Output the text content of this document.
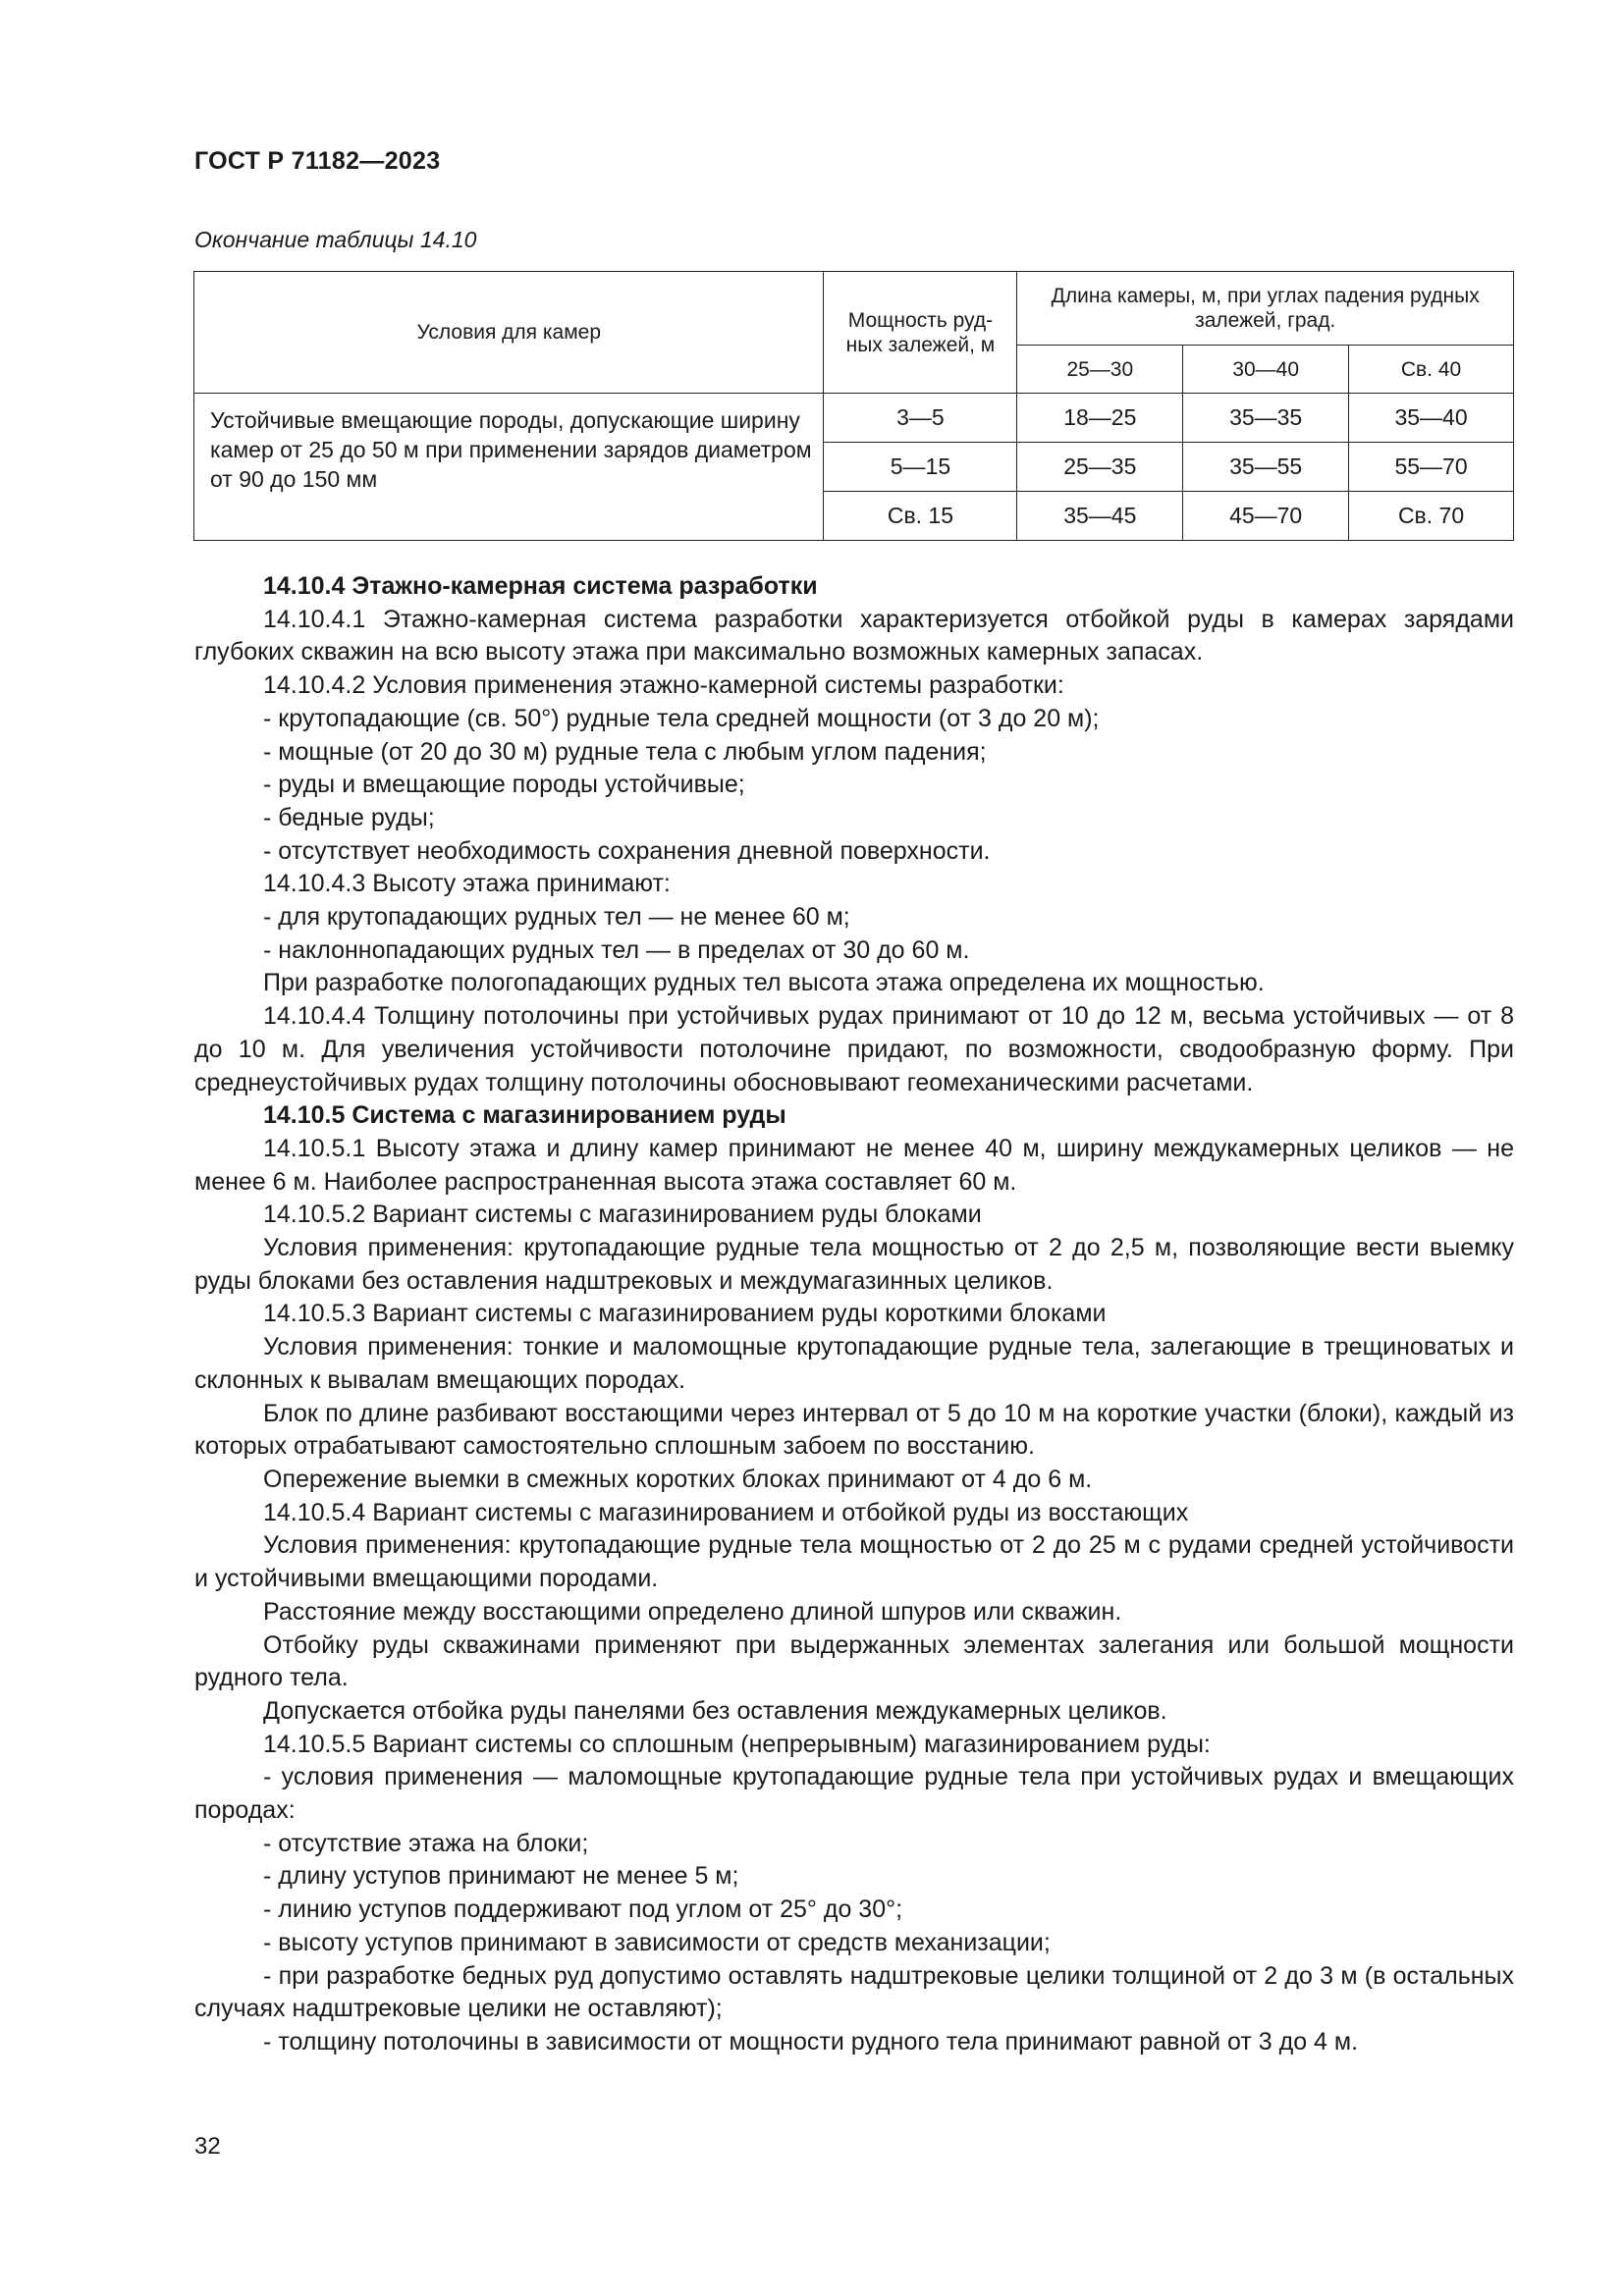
ГОСТ Р 71182—2023
Окончание таблицы 14.10
Условия для камер	Мощность руд-ных залежей, м	Длина камеры, м, при углах падения рудных залежей, град.		
		25—30	30—40	Св. 40
Устойчивые вмещающие породы, допускающие ширину камер от 25 до 50 м при применении зарядов диаметром от 90 до 150 мм	3—5	18—25	35—35	35—40
	5—15	25—35	35—55	55—70
	Св. 15	35—45	45—70	Св. 70

14.10.4 Этажно-камерная система разработки

14.10.4.1 Этажно-камерная система разработки характеризуется отбойкой руды в камерах зарядами глубоких скважин на всю высоту этажа при максимально возможных камерных запасах.

14.10.4.2 Условия применения этажно-камерной системы разработки:

- крутопадающие (св. 50°) рудные тела средней мощности (от 3 до 20 м);

- мощные (от 20 до 30 м) рудные тела с любым углом падения;

- руды и вмещающие породы устойчивые;

- бедные руды;

- отсутствует необходимость сохранения дневной поверхности.

14.10.4.3 Высоту этажа принимают:

- для крутопадающих рудных тел — не менее 60 м;

- наклоннопадающих рудных тел — в пределах от 30 до 60 м.

При разработке пологопадающих рудных тел высота этажа определена их мощностью.

14.10.4.4 Толщину потолочины при устойчивых рудах принимают от 10 до 12 м, весьма устойчивых — от 8 до 10 м. Для увеличения устойчивости потолочине придают, по возможности, сводообразную форму. При среднеустойчивых рудах толщину потолочины обосновывают геомеханическими расчетами.

14.10.5 Система с магазинированием руды

14.10.5.1 Высоту этажа и длину камер принимают не менее 40 м, ширину междукамерных целиков — не менее 6 м. Наиболее распространенная высота этажа составляет 60 м.

14.10.5.2 Вариант системы с магазинированием руды блоками

Условия применения: крутопадающие рудные тела мощностью от 2 до 2,5 м, позволяющие вести выемку руды блоками без оставления надштрековых и междумагазинных целиков.

14.10.5.3 Вариант системы с магазинированием руды короткими блоками

Условия применения: тонкие и маломощные крутопадающие рудные тела, залегающие в трещиноватых и склонных к вывалам вмещающих породах.

Блок по длине разбивают восстающими через интервал от 5 до 10 м на короткие участки (блоки), каждый из которых отрабатывают самостоятельно сплошным забоем по восстанию.

Опережение выемки в смежных коротких блоках принимают от 4 до 6 м.

14.10.5.4 Вариант системы с магазинированием и отбойкой руды из восстающих

Условия применения: крутопадающие рудные тела мощностью от 2 до 25 м с рудами средней устойчивости и устойчивыми вмещающими породами.

Расстояние между восстающими определено длиной шпуров или скважин.

Отбойку руды скважинами применяют при выдержанных элементах залегания или большой мощности рудного тела.

Допускается отбойка руды панелями без оставления междукамерных целиков.

14.10.5.5 Вариант системы со сплошным (непрерывным) магазинированием руды:

- условия применения — маломощные крутопадающие рудные тела при устойчивых рудах и вмещающих породах:

- отсутствие этажа на блоки;

- длину уступов принимают не менее 5 м;

- линию уступов поддерживают под углом от 25° до 30°;

- высоту уступов принимают в зависимости от средств механизации;

- при разработке бедных руд допустимо оставлять надштрековые целики толщиной от 2 до 3 м (в остальных случаях надштрековые целики не оставляют);

- толщину потолочины в зависимости от мощности рудного тела принимают равной от 3 до 4 м.

32
